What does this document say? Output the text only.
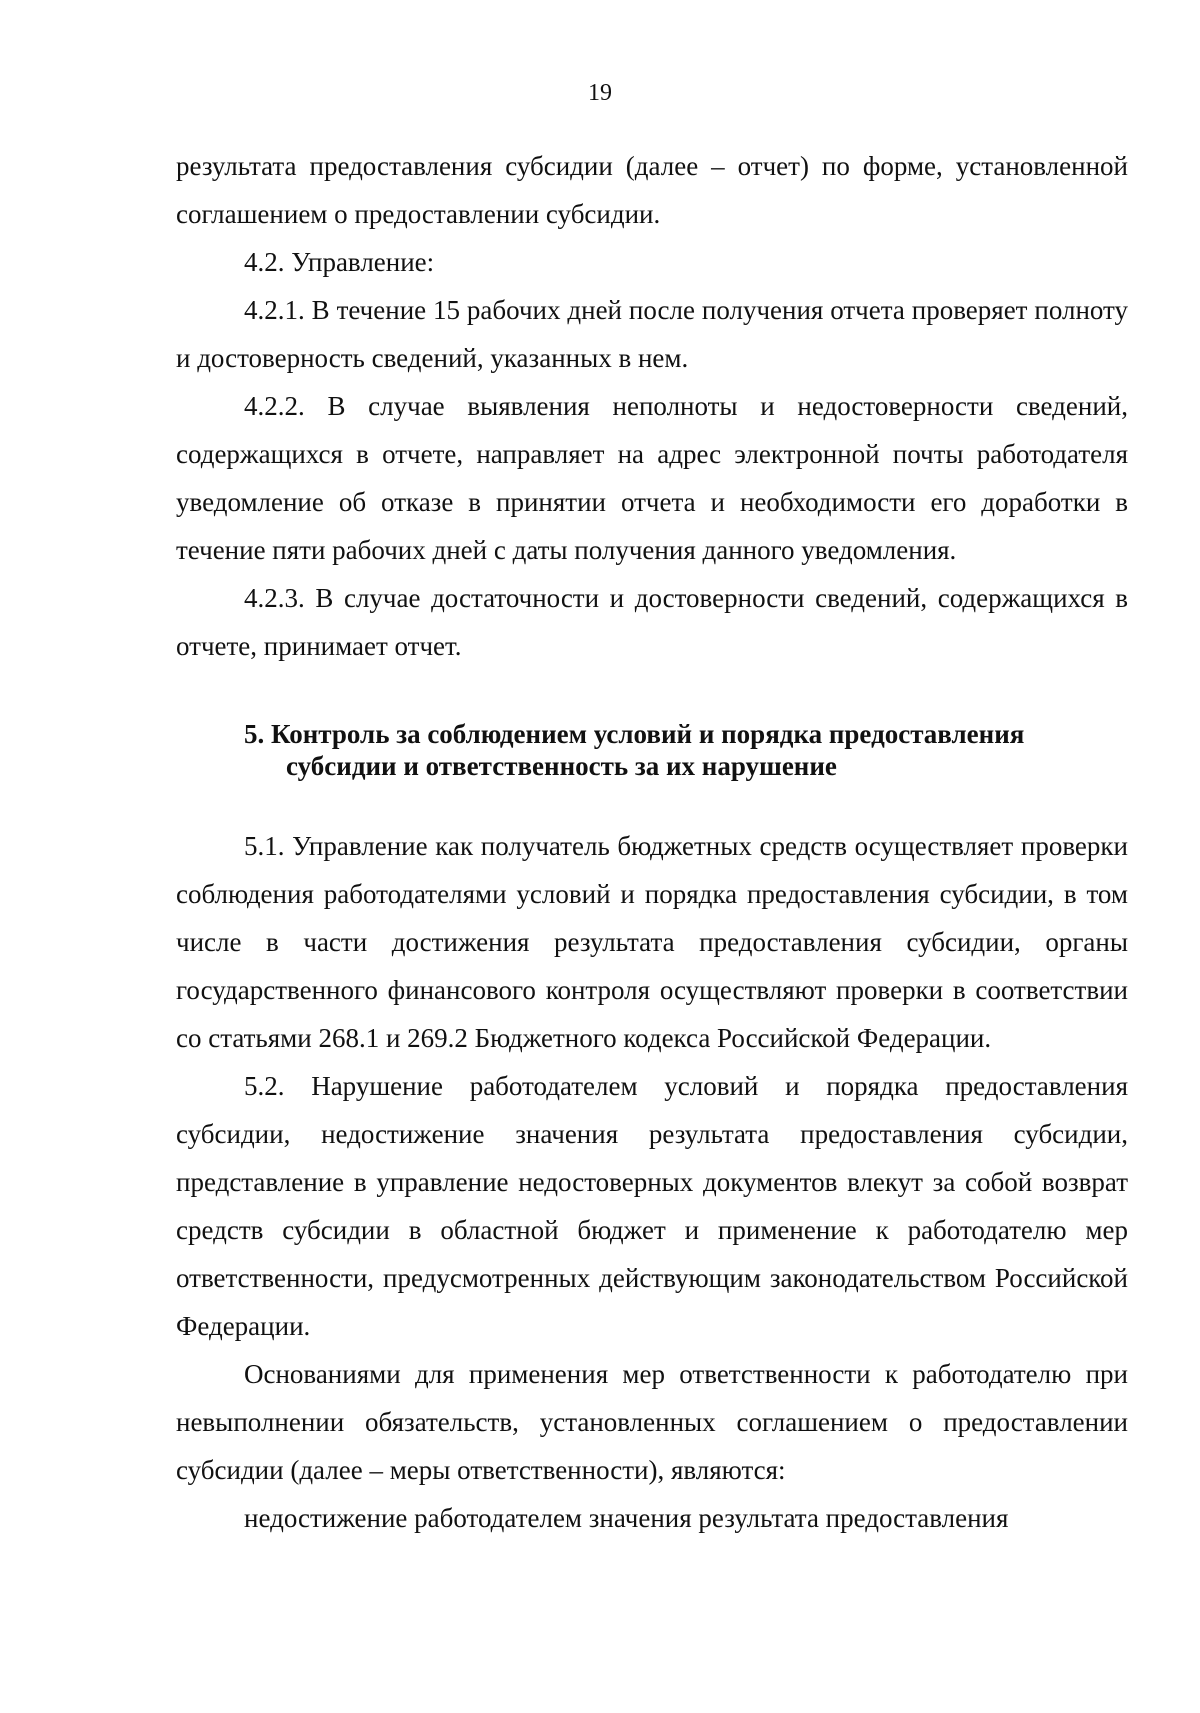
19

результата предоставления субсидии (далее – отчет) по форме, установленной соглашением о предоставлении субсидии.

4.2. Управление:

4.2.1. В течение 15 рабочих дней после получения отчета проверяет полноту и достоверность сведений, указанных в нем.

4.2.2. В случае выявления неполноты и недостоверности сведений, содержащихся в отчете, направляет на адрес электронной почты работодателя уведомление об отказе в принятии отчета и необходимости его доработки в течение пяти рабочих дней с даты получения данного уведомления.

4.2.3. В случае достаточности и достоверности сведений, содержащихся в отчете, принимает отчет.

5. Контроль за соблюдением условий и порядка предоставления
субсидии и ответственность за их нарушение

5.1. Управление как получатель бюджетных средств осуществляет проверки соблюдения работодателями условий и порядка предоставления субсидии, в том числе в части достижения результата предоставления субсидии, органы государственного финансового контроля осуществляют проверки в соответствии со статьями 268.1 и 269.2 Бюджетного кодекса Российской Федерации.

5.2. Нарушение работодателем условий и порядка предоставления субсидии, недостижение значения результата предоставления субсидии, представление в управление недостоверных документов влекут за собой возврат средств субсидии в областной бюджет и применение к работодателю мер ответственности, предусмотренных действующим законодательством Российской Федерации.

Основаниями для применения мер ответственности к работодателю при невыполнении обязательств, установленных соглашением о предоставлении субсидии (далее – меры ответственности), являются:

недостижение работодателем значения результата предоставления
